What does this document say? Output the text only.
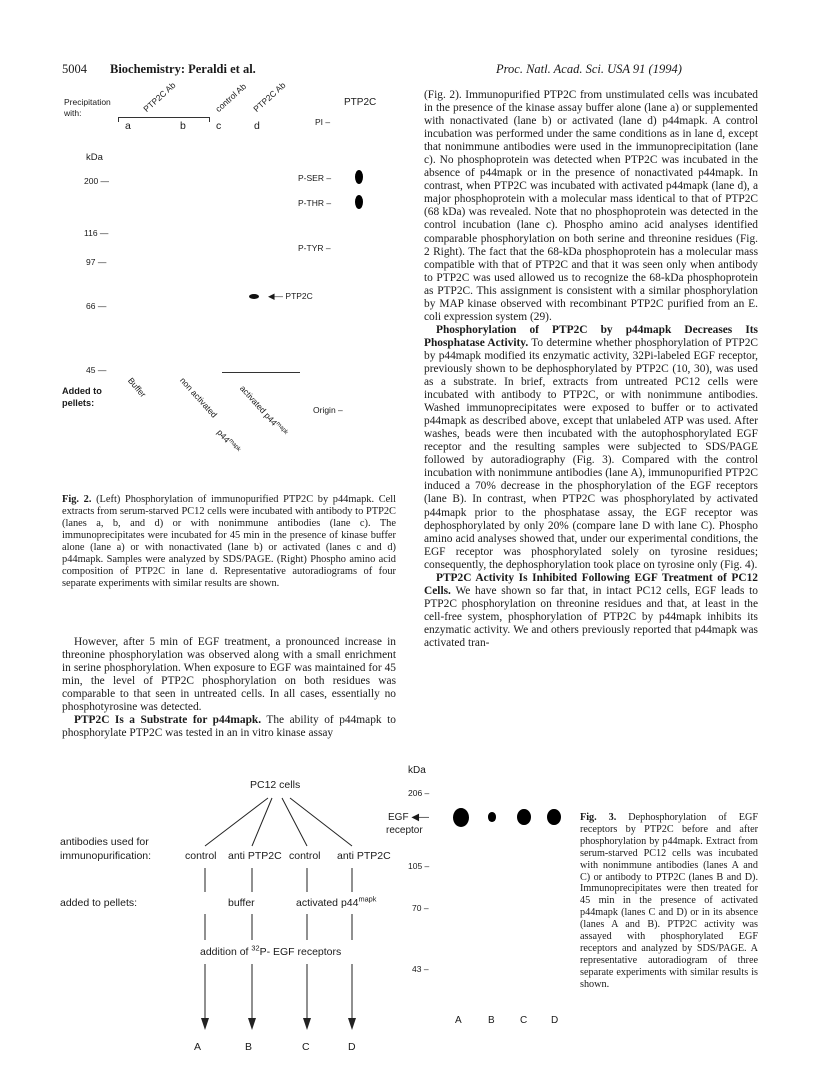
5004 Biochemistry: Peraldi et al.	Proc. Natl. Acad. Sci. USA 91 (1994)
Precipitation
with:	PTP2C Ab	control Ab PTP2C Ab
a	b	c	d
kDa
200 —
116 —
97 —
66 —
45 —
◀— PTP2C
PTP2C
PI –
P-SER –
P-THR –
P-TYR –
Origin –
Added to
pellets:
Buffer	non activated
$p44^{mapk}$
activated $p44^{mapk}$
Fig. 2. (Left) Phosphorylation of immunopurified PTP2C by p44mapk. Cell extracts from serum-starved PC12 cells were incubated with antibody to PTP2C (lanes a, b, and d) or with nonimmune antibodies (lane c). The immunoprecipitates were incubated for 45 min in the presence of kinase buffer alone (lane a) or with nonactivated (lane b) or activated (lanes c and d) p44mapk. Samples were analyzed by SDS/PAGE. (Right) Phospho amino acid composition of PTP2C in lane d. Representative autoradiograms of four separate experiments with similar results are shown.

However, after 5 min of EGF treatment, a pronounced increase in threonine phosphorylation was observed along with a small enrichment in serine phosphorylation. When exposure to EGF was maintained for 45 min, the level of PTP2C phosphorylation on both residues was comparable to that seen in untreated cells. In all cases, essentially no phosphotyrosine was detected.

PTP2C Is a Substrate for p44mapk. The ability of p44mapk to phosphorylate PTP2C was tested in an in vitro kinase assay

(Fig. 2). Immunopurified PTP2C from unstimulated cells was incubated in the presence of the kinase assay buffer alone (lane a) or supplemented with nonactivated (lane b) or activated (lane d) p44mapk. A control incubation was performed under the same conditions as in lane d, except that nonimmune antibodies were used in the immunoprecipitation (lane c). No phosphoprotein was detected when PTP2C was incubated in the absence of p44mapk or in the presence of nonactivated p44mapk. In contrast, when PTP2C was incubated with activated p44mapk (lane d), a major phosphoprotein with a molecular mass identical to that of PTP2C (68 kDa) was revealed. Note that no phosphoprotein was detected in the control incubation (lane c). Phospho amino acid analyses identified comparable phosphorylation on both serine and threonine residues (Fig. 2 Right). The fact that the 68-kDa phosphoprotein has a molecular mass compatible with that of PTP2C and that it was seen only when antibody to PTP2C was used allowed us to recognize the 68-kDa phosphoprotein as PTP2C. This assignment is consistent with a similar phosphorylation by MAP kinase observed with recombinant PTP2C purified from an E. coli expression system (29).

Phosphorylation of PTP2C by p44mapk Decreases Its Phosphatase Activity. To determine whether phosphorylation of PTP2C by p44mapk modified its enzymatic activity, 32Pi-labeled EGF receptor, previously shown to be dephosphorylated by PTP2C (10, 30), was used as a substrate. In brief, extracts from untreated PC12 cells were incubated with antibody to PTP2C, or with nonimmune antibodies. Washed immunoprecipitates were exposed to buffer or to activated p44mapk as described above, except that unlabeled ATP was used. After washes, beads were then incubated with the autophosphorylated EGF receptor and the resulting samples were subjected to SDS/PAGE followed by autoradiography (Fig. 3). Compared with the control incubation with nonimmune antibodies (lane A), immunopurified PTP2C induced a 70% decrease in the phosphorylation of the EGF receptors (lane B). In contrast, when PTP2C was phosphorylated by activated p44mapk prior to the phosphatase assay, the EGF receptor was dephosphorylated by only 20% (compare lane D with lane C). Phospho amino acid analyses showed that, under our experimental conditions, the EGF receptor was phosphorylated solely on tyrosine residues; consequently, the dephosphorylation took place on tyrosine only (Fig. 4).

PTP2C Activity Is Inhibited Following EGF Treatment of PC12 Cells. We have shown so far that, in intact PC12 cells, EGF leads to PTP2C phosphorylation on threonine residues and that, at least in the cell-free system, phosphorylation of PTP2C by p44mapk inhibits its enzymatic activity. We and others previously reported that p44mapk was activated tran-

PC12 cells
antibodies used for
immunopurification:	control anti PTP2C control anti PTP2C
added to pellets:	buffer	activated $p44^{mapk}$
addition of $^{32}$P- EGF receptors
A	B	C	D
kDa
206 –
105 –
70 –
43 –
EGF ◀—
receptor
A	B	C D
Fig. 3. Dephosphorylation of EGF receptors by PTP2C before and after phosphorylation by p44mapk. Extract from serum-starved PC12 cells was incubated with nonimmune antibodies (lanes A and C) or antibody to PTP2C (lanes B and D). Immunoprecipitates were then treated for 45 min in the presence of activated p44mapk (lanes C and D) or in its absence (lanes A and B). PTP2C activity was assayed with phosphorylated EGF receptors and analyzed by SDS/PAGE. A representative autoradiogram of three separate experiments with similar results is shown.
